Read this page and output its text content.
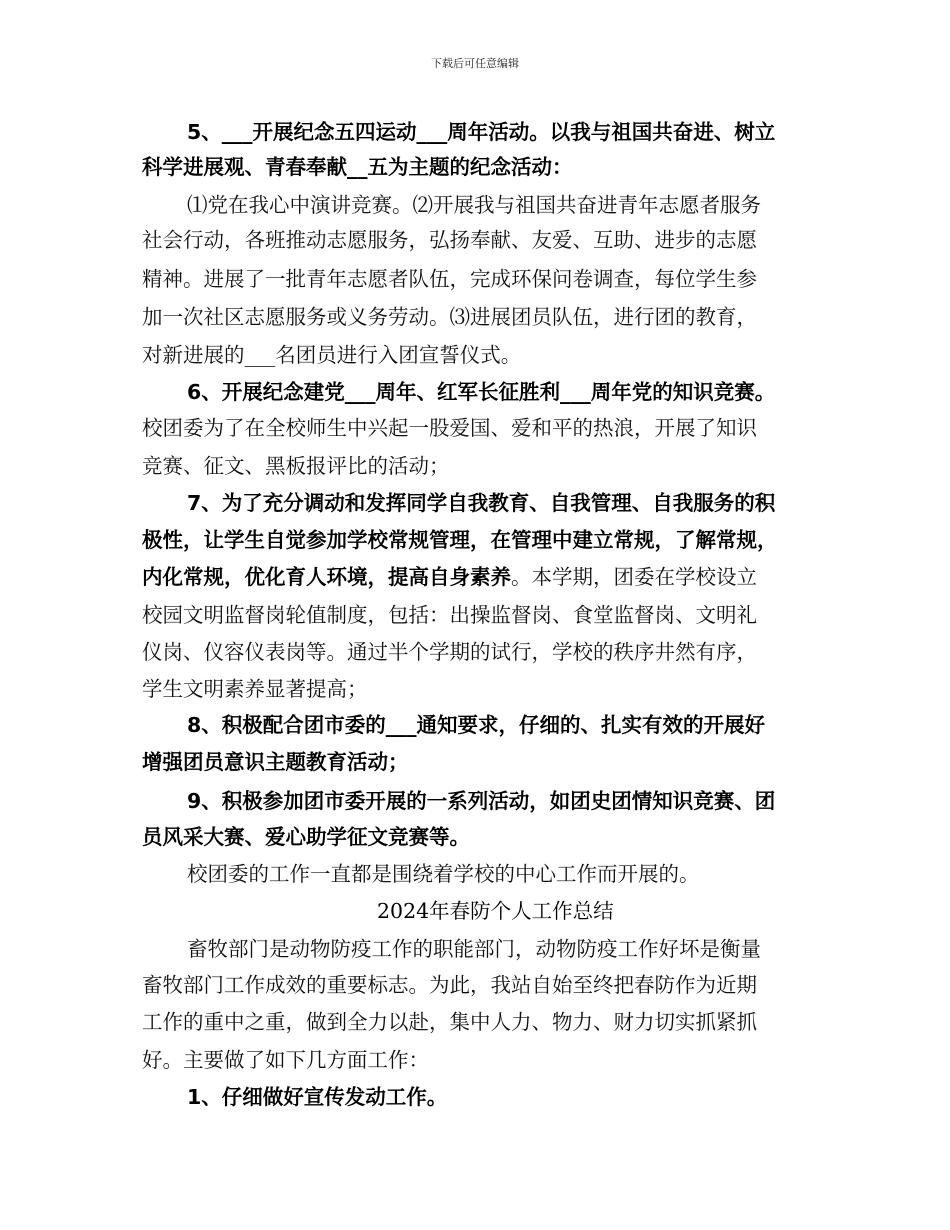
下载后可任意编辑
5、___开展纪念五四运动___周年活动。以我与祖国共奋进、树立
科学进展观、青春奉献__五为主题的纪念活动：
⑴党在我心中演讲竞赛。⑵开展我与祖国共奋进青年志愿者服务
社会行动，各班推动志愿服务，弘扬奉献、友爱、互助、进步的志愿
精神。进展了一批青年志愿者队伍，完成环保问卷调查，每位学生参
加一次社区志愿服务或义务劳动。⑶进展团员队伍，进行团的教育，
对新进展的___名团员进行入团宣誓仪式。
6、开展纪念建党___周年、红军长征胜利___周年党的知识竞赛。
校团委为了在全校师生中兴起一股爱国、爱和平的热浪，开展了知识
竞赛、征文、黑板报评比的活动；
7、为了充分调动和发挥同学自我教育、自我管理、自我服务的积
极性，让学生自觉参加学校常规管理，在管理中建立常规，了解常规，
内化常规，优化育人环境，提高自身素养。本学期，团委在学校设立
校园文明监督岗轮值制度，包括：出操监督岗、食堂监督岗、文明礼
仪岗、仪容仪表岗等。通过半个学期的试行，学校的秩序井然有序，
学生文明素养显著提高；
8、积极配合团市委的___通知要求，仔细的、扎实有效的开展好
增强团员意识主题教育活动；
9、积极参加团市委开展的一系列活动，如团史团情知识竞赛、团
员风采大赛、爱心助学征文竞赛等。
校团委的工作一直都是围绕着学校的中心工作而开展的。
2024年春防个人工作总结
畜牧部门是动物防疫工作的职能部门，动物防疫工作好坏是衡量
畜牧部门工作成效的重要标志。为此，我站自始至终把春防作为近期
工作的重中之重，做到全力以赴，集中人力、物力、财力切实抓紧抓
好。主要做了如下几方面工作：
1、仔细做好宣传发动工作。
